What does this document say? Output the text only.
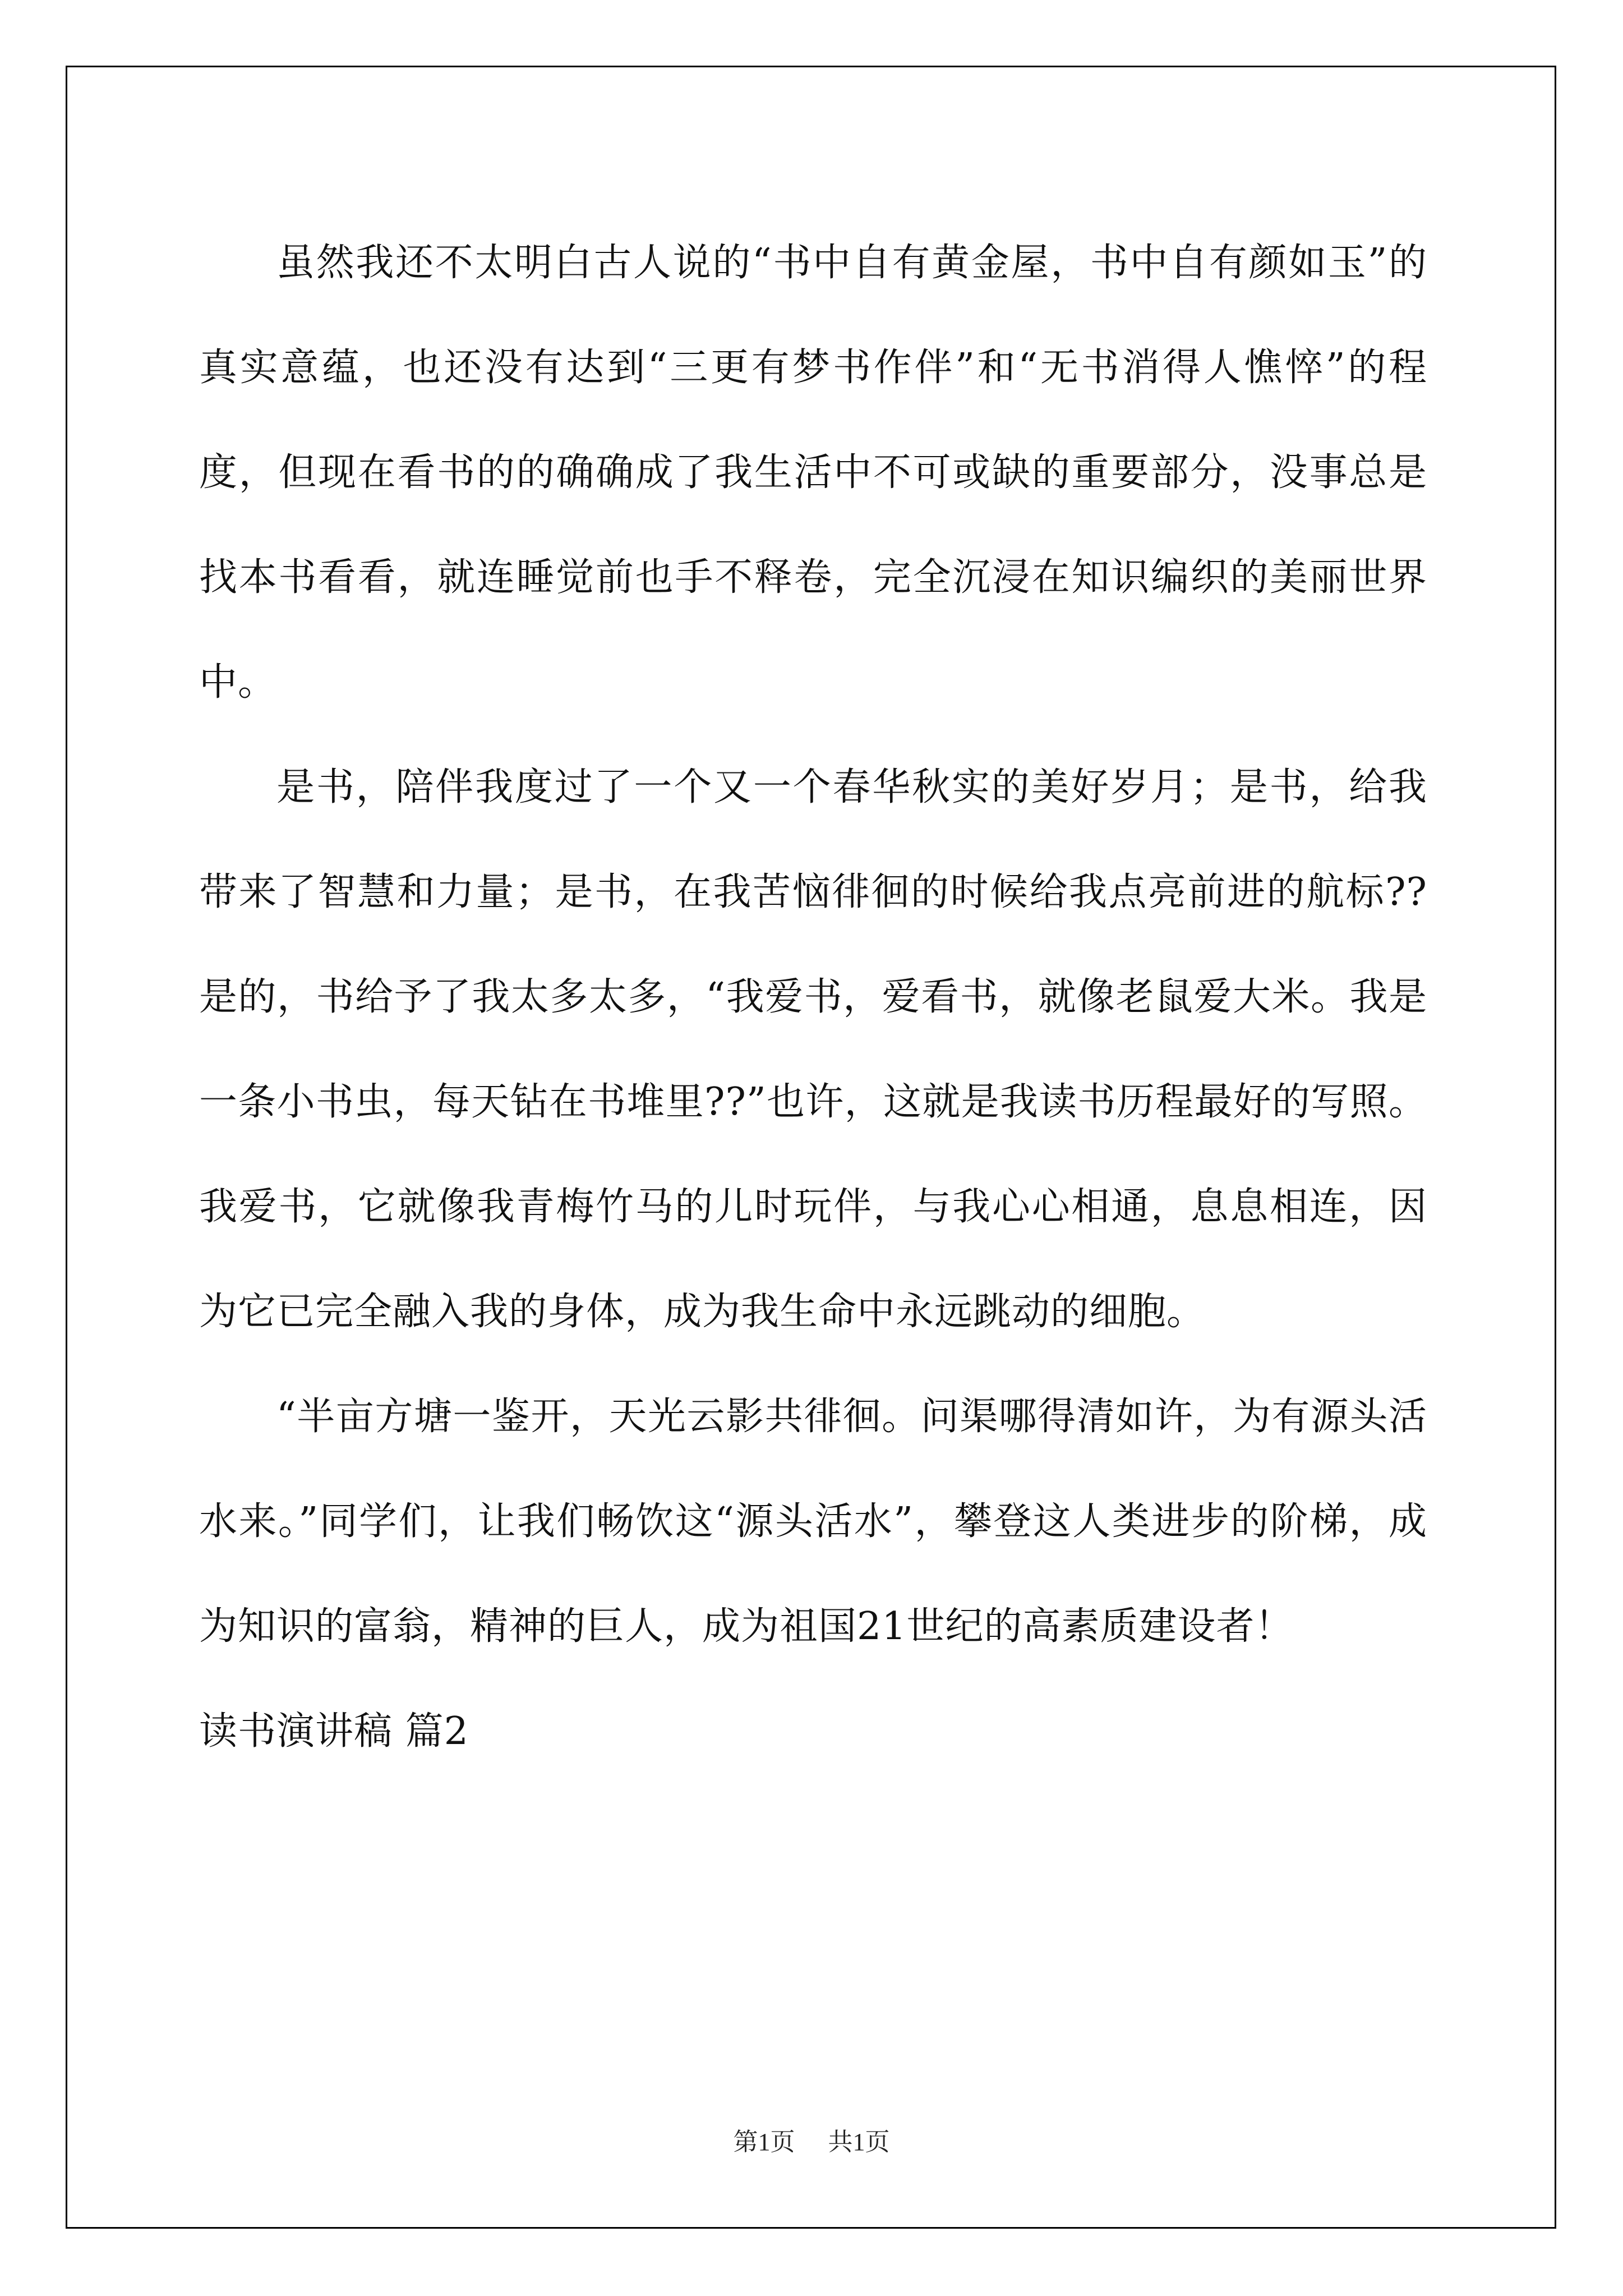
虽然我还不太明白古人说的“书中自有黄金屋，书中自有颜如玉”的真实意蕴，也还没有达到“三更有梦书作伴”和“无书消得人憔悴”的程度，但现在看书的的确确成了我生活中不可或缺的重要部分，没事总是找本书看看，就连睡觉前也手不释卷，完全沉浸在知识编织的美丽世界中。

是书，陪伴我度过了一个又一个春华秋实的美好岁月；是书，给我带来了智慧和力量；是书，在我苦恼徘徊的时候给我点亮前进的航标??是的，书给予了我太多太多，“我爱书，爱看书，就像老鼠爱大米。我是一条小书虫，每天钻在书堆里??”也许，这就是我读书历程最好的写照。我爱书，它就像我青梅竹马的儿时玩伴，与我心心相通，息息相连，因为它已完全融入我的身体，成为我生命中永远跳动的细胞。

“半亩方塘一鉴开，天光云影共徘徊。问渠哪得清如许，为有源头活水来。”同学们，让我们畅饮这“源头活水”，攀登这人类进步的阶梯，成为知识的富翁，精神的巨人，成为祖国21世纪的高素质建设者！

读书演讲稿 篇2

第1页 共1页
